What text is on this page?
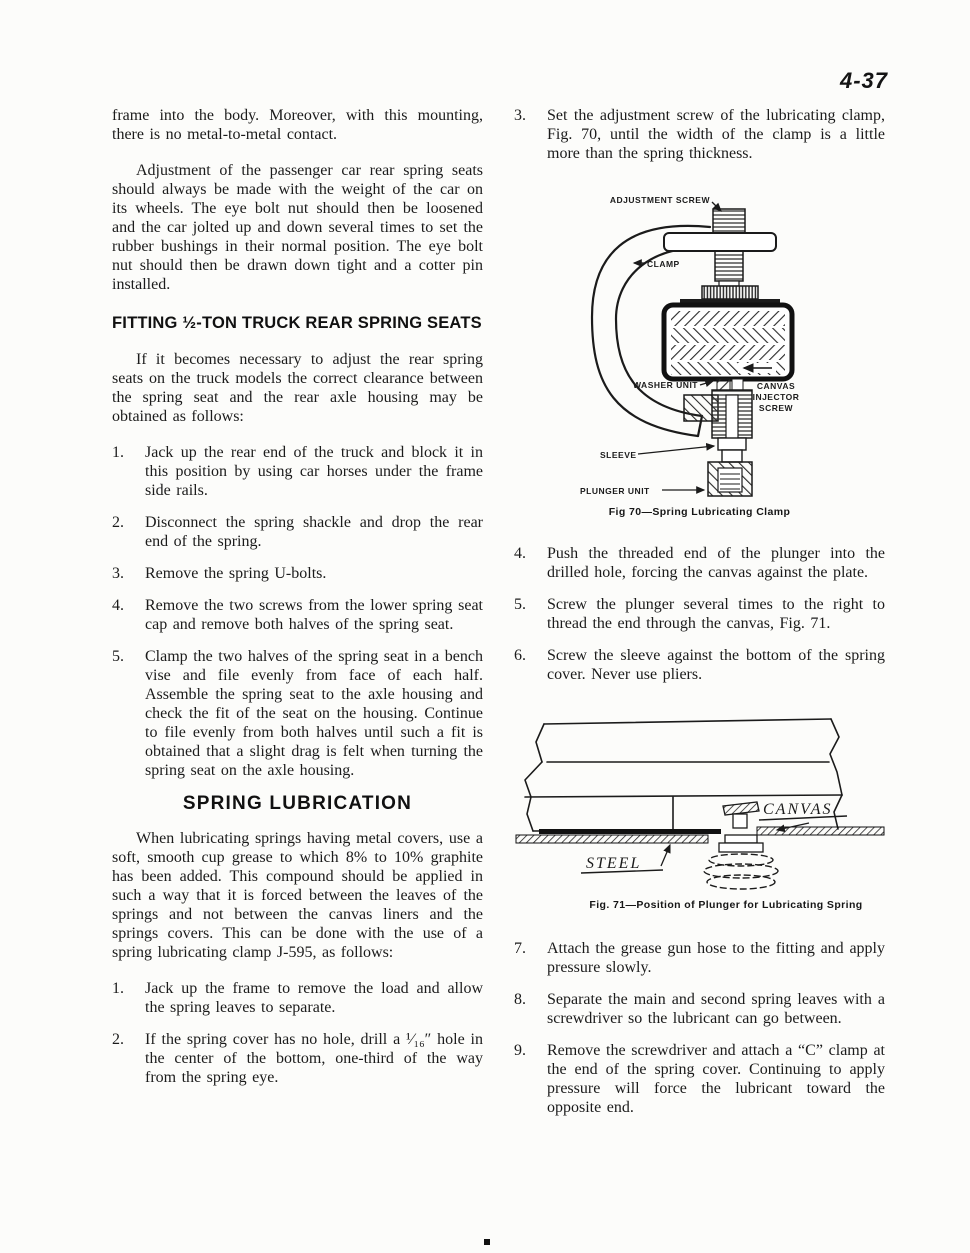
4-37

frame into the body. Moreover, with this mounting, there is no metal-to-metal contact.

Adjustment of the passenger car rear spring seats should always be made with the weight of the car on its wheels. The eye bolt nut should then be loosened and the car jolted up and down several times to set the rubber bushings in their normal position. The eye bolt nut should then be drawn down tight and a cotter pin installed.

FITTING ½-TON TRUCK REAR SPRING SEATS

If it becomes necessary to adjust the rear spring seats on the truck models the correct clearance between the spring seat and the rear axle housing may be obtained as follows:

1.	Jack up the rear end of the truck and block it in this position by using car horses under the frame side rails.
2.	Disconnect the spring shackle and drop the rear end of the spring.
3.	Remove the spring U-bolts.
4.	Remove the two screws from the lower spring seat cap and remove both halves of the spring seat.
5.	Clamp the two halves of the spring seat in a bench vise and file evenly from face of each half. Assemble the spring seat to the axle housing and check the fit of the seat on the housing. Continue to file evenly from both halves until such a fit is obtained that a slight drag is felt when turning the spring seat on the axle housing.
SPRING LUBRICATION

When lubricating springs having metal covers, use a soft, smooth cup grease to which 8% to 10% graphite has been added. This compound should be applied in such a way that it is forced between the leaves of the springs and not between the canvas liners and the springs covers. This can be done with the use of a spring lubricating clamp J-595, as follows:

1.	Jack up the frame to remove the load and allow the spring leaves to separate.
2.	If the spring cover has no hole, drill a ¹⁄₁₆″ hole in the center of the bottom, one-third of the way from the spring eye.
3.	Set the adjustment screw of the lubricating clamp, Fig. 70, until the width of the clamp is a little more than the spring thickness.
ADJUSTMENT SCREW
CLAMP
WASHER UNIT	CANVAS
INJECTOR
SCREW
SLEEVE
PLUNGER UNIT
Fig 70—Spring Lubricating Clamp
4.	Push the threaded end of the plunger into the drilled hole, forcing the canvas against the plate.
5.	Screw the plunger several times to the right to thread the end through the canvas, Fig. 71.
6.	Screw the sleeve against the bottom of the spring cover. Never use pliers.
CANVAS
STEEL
Fig. 71—Position of Plunger for Lubricating Spring
7.	Attach the grease gun hose to the fitting and apply pressure slowly.
8.	Separate the main and second spring leaves with a screwdriver so the lubricant can go between.
9.	Remove the screwdriver and attach a “C” clamp at the end of the spring cover. Continuing to apply pressure will force the lubricant toward the opposite end.
